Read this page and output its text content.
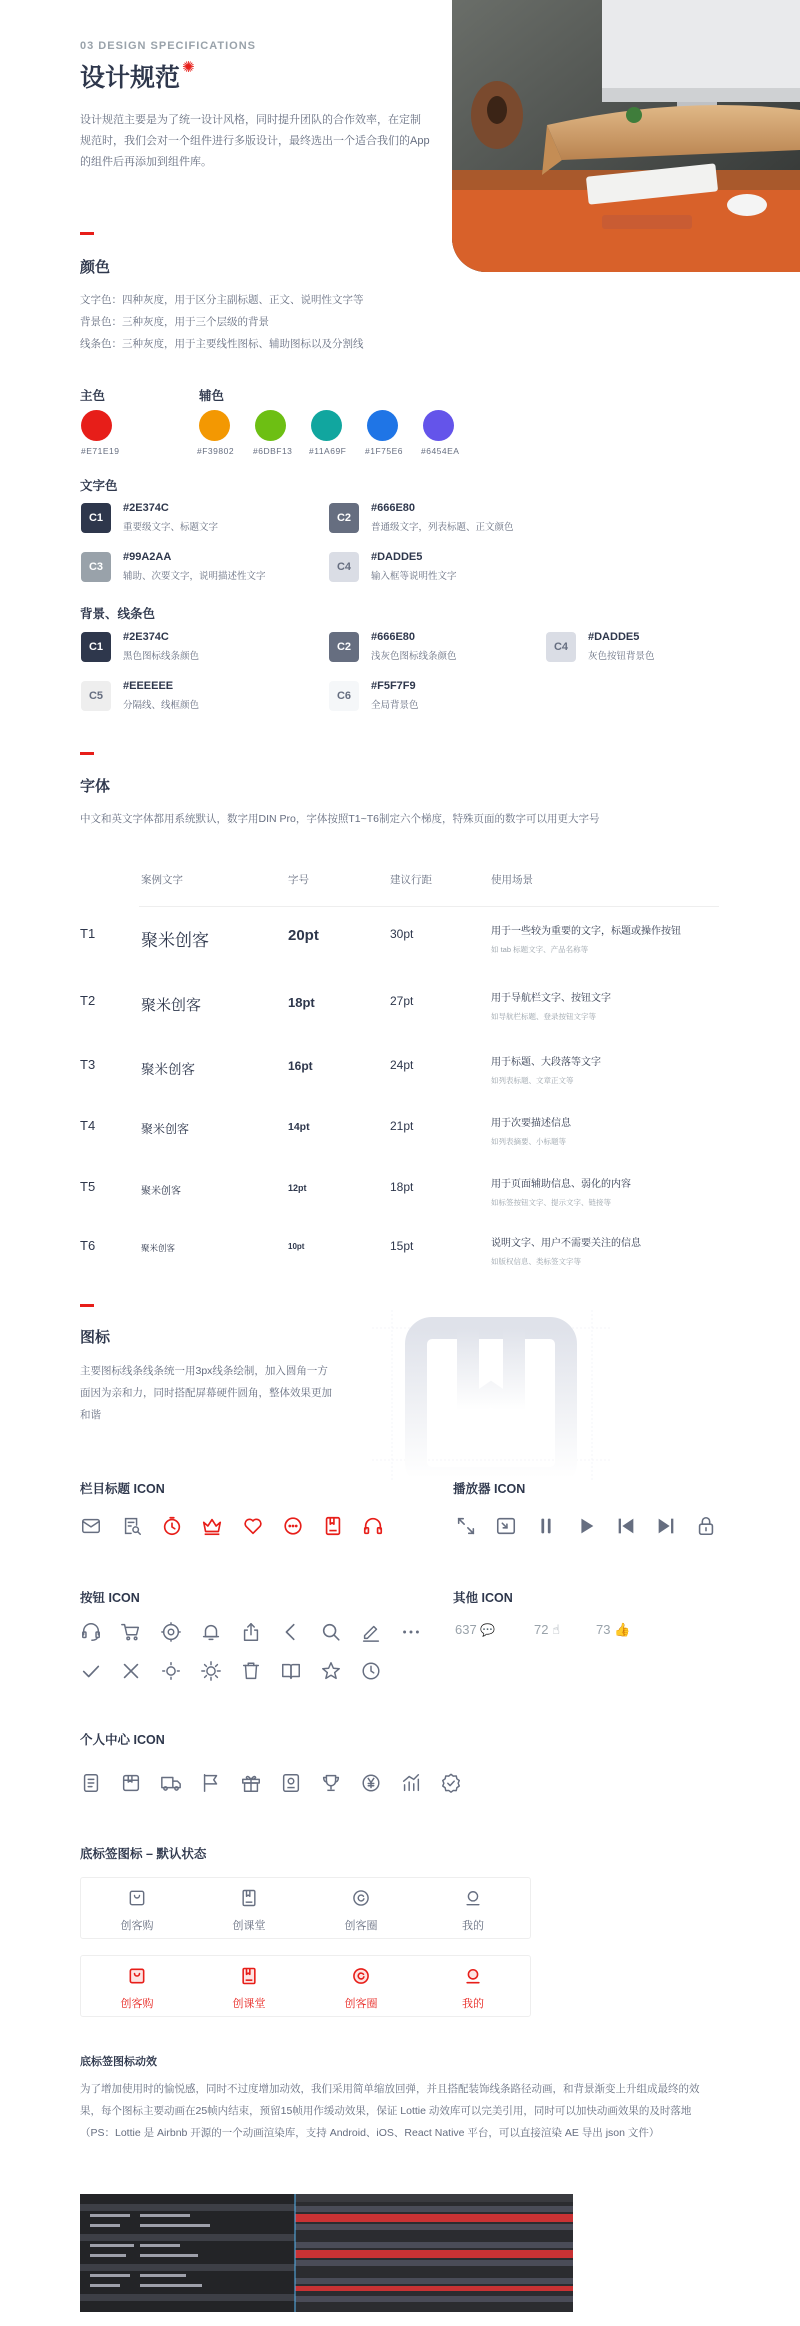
03 DESIGN SPECIFICATIONS
设计规范 ✺
设计规范主要是为了统一设计风格，同时提升团队的合作效率，在定制规范时，我们会对一个组件进行多版设计，最终选出一个适合我们的App的组件后再添加到组件库。
颜色
文字色：四种灰度，用于区分主副标题、正文、说明性文字等
背景色：三种灰度，用于三个层级的背景
线条色：三种灰度，用于主要线性图标、辅助图标以及分割线
主色	辅色
#E71E19	#F39802 #6DBF13 #11A69F #1F75E6 #6454EA
文字色
C1
#2E374C
重要级文字、标题文字
C2
#666E80
普通级文字，列表标题、正文颜色
C3
#99A2AA
辅助、次要文字，说明描述性文字
C4
#DADDE5
输入框等说明性文字
背景、线条色
C1
#2E374C
黑色图标线条颜色
C2
#666E80
浅灰色图标线条颜色
C4
#DADDE5
灰色按钮背景色
C5
#EEEEEE
分隔线、线框颜色
C6
#F5F7F9
全局背景色
字体
中文和英文字体都用系统默认，数字用DIN Pro，字体按照T1~T6制定六个梯度，特殊页面的数字可以用更大字号
案例文字	字号	建议行距	使用场景
T1	聚米创客	20pt	30pt	用于一些较为重要的文字，标题或操作按钮
如 tab 标题文字、产品名称等
T2	聚米创客	18pt	27pt	用于导航栏文字、按钮文字
如导航栏标题、登录按钮文字等
T3	聚米创客	16pt	24pt	用于标题、大段落等文字
如列表标题、文章正文等
T4	聚米创客	14pt	21pt	用于次要描述信息
如列表摘要、小标题等
T5	聚米创客	12pt	18pt	用于页面辅助信息、弱化的内容
如标签按钮文字、提示文字、链接等
T6	聚米创客	10pt	15pt	说明文字、用户不需要关注的信息
如版权信息、类标签文字等
图标
主要图标线条线条统一用3px线条绘制，加入圆角一方面因为亲和力，同时搭配屏幕硬件圆角，整体效果更加和谐
栏目标题 ICON	播放器 ICON
按钮 ICON	其他 ICON
637 💬	72 ☝	73 👍
个人中心 ICON
底标签图标 – 默认状态
创客购	创课堂	创客圈	我的
创客购	创课堂	创客圈	我的
底标签图标动效
为了增加使用时的愉悦感，同时不过度增加动效，我们采用简单缩放回弹，并且搭配装饰线条路径动画，和背景渐变上升组成最终的效果，每个图标主要动画在25帧内结束，预留15帧用作缓动效果，保证 Lottie 动效库可以完美引用，同时可以加快动画效果的及时落地（PS：Lottie 是 Airbnb 开源的一个动画渲染库，支持 Android、iOS、React Native 平台，可以直接渲染 AE 导出 json 文件）
